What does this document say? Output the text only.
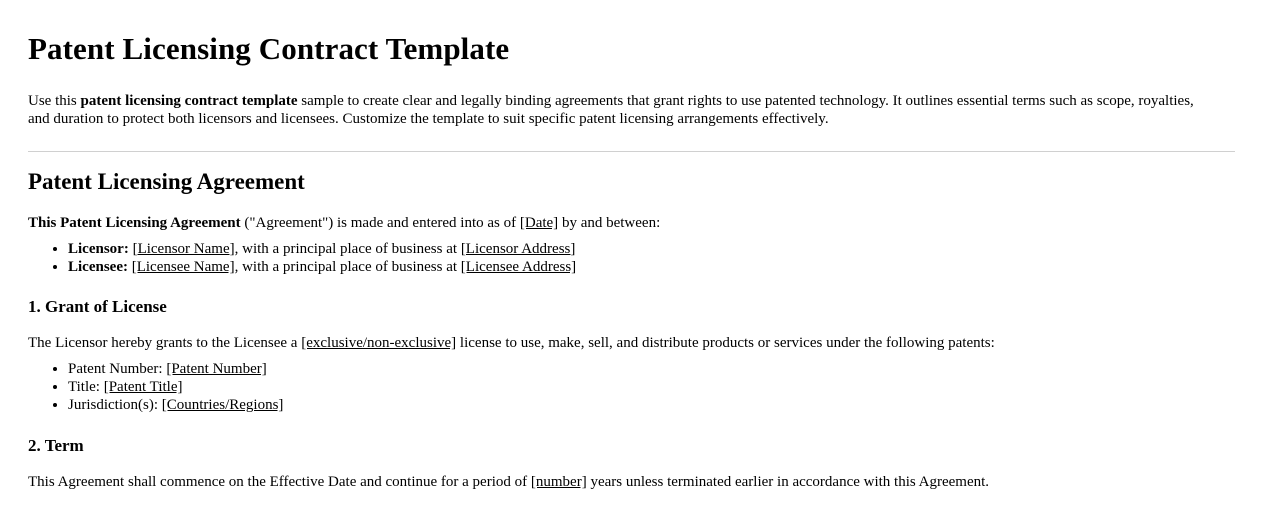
Patent Licensing Contract Template

Use this patent licensing contract template sample to create clear and legally binding agreements that grant rights to use patented technology. It outlines essential terms such as scope, royalties, and duration to protect both licensors and licensees. Customize the template to suit specific patent licensing arrangements effectively.

Patent Licensing Agreement

This Patent Licensing Agreement ("Agreement") is made and entered into as of [Date] by and between:

• Licensor: [Licensor Name], with a principal place of business at [Licensor Address]
• Licensee: [Licensee Name], with a principal place of business at [Licensee Address]
1. Grant of License

The Licensor hereby grants to the Licensee a [exclusive/non-exclusive] license to use, make, sell, and distribute products or services under the following patents:

• Patent Number: [Patent Number]
• Title: [Patent Title]
• Jurisdiction(s): [Countries/Regions]
2. Term

This Agreement shall commence on the Effective Date and continue for a period of [number] years unless terminated earlier in accordance with this Agreement.
